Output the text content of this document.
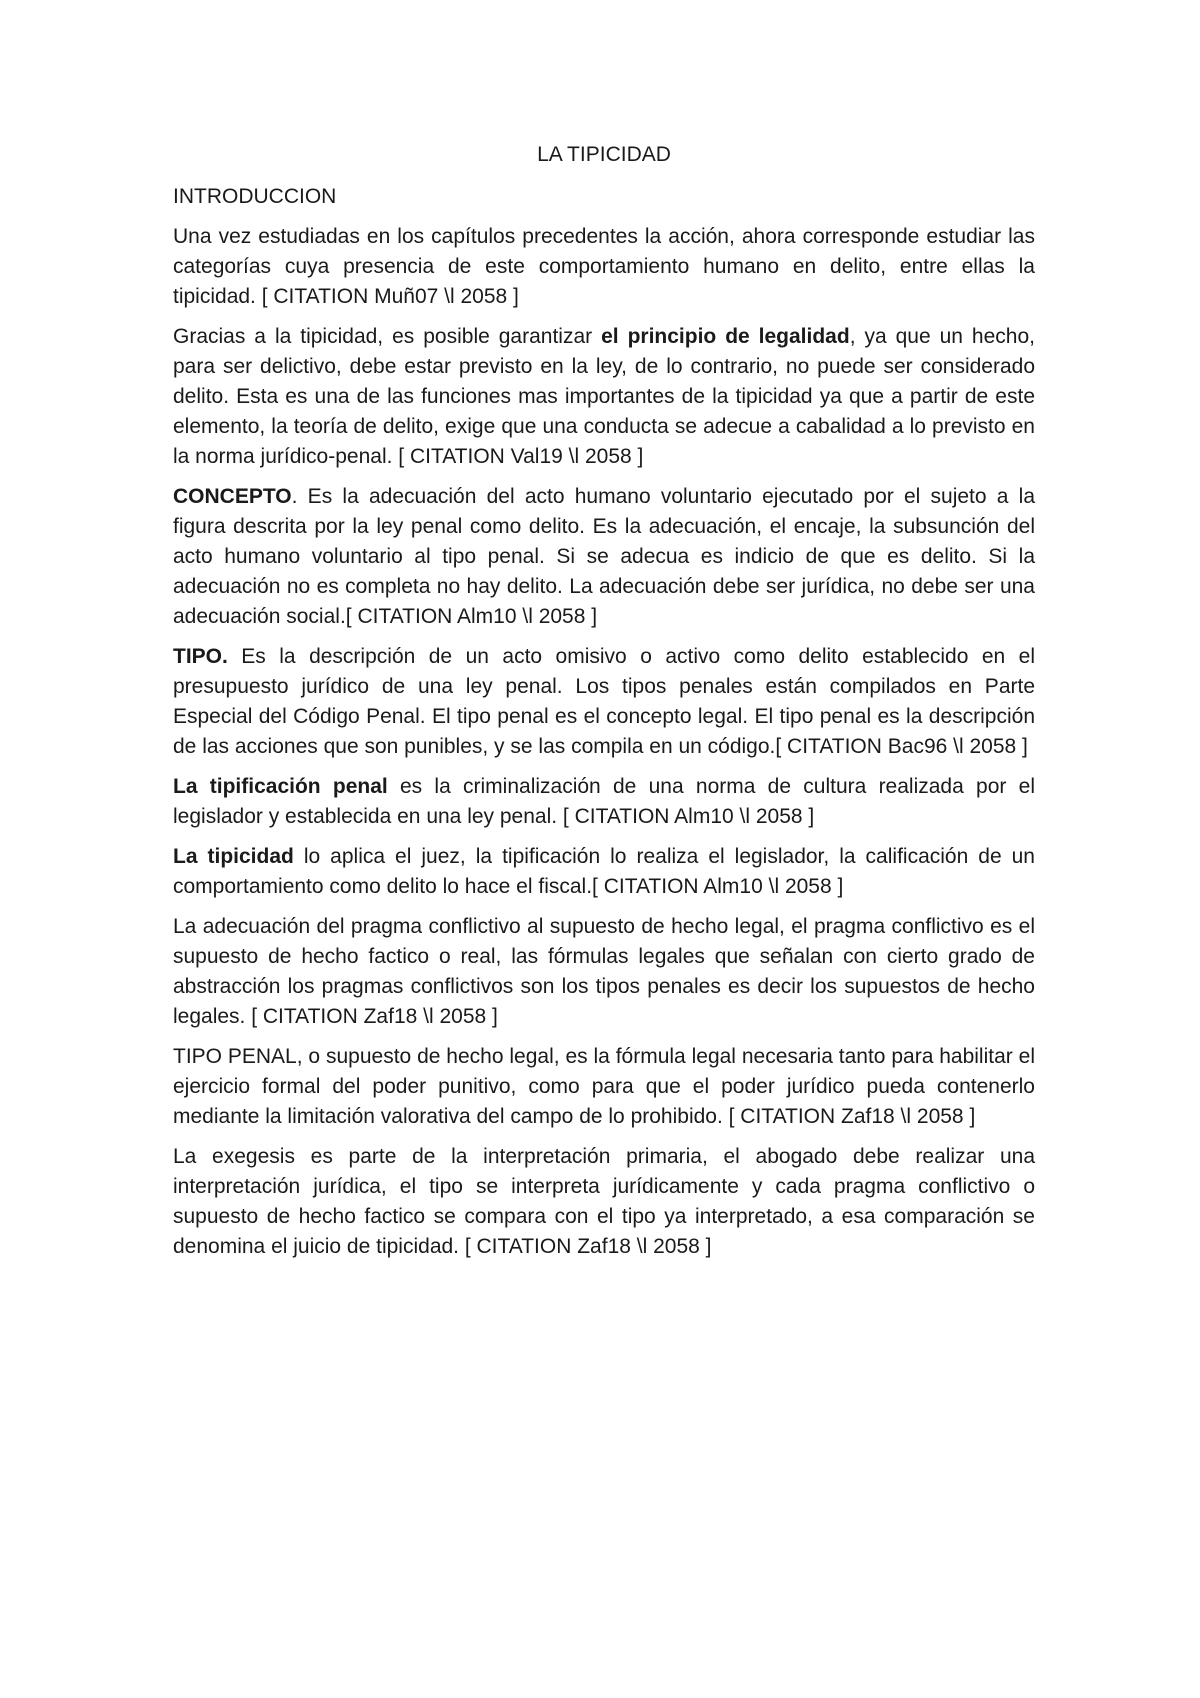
LA TIPICIDAD
INTRODUCCION

Una vez estudiadas en los capítulos precedentes la acción, ahora corresponde estudiar las categorías cuya presencia de este comportamiento humano en delito, entre ellas la tipicidad. [ CITATION Muñ07 \l 2058 ]

Gracias a la tipicidad, es posible garantizar el principio de legalidad, ya que un hecho, para ser delictivo, debe estar previsto en la ley, de lo contrario, no puede ser considerado delito. Esta es una de las funciones mas importantes de la tipicidad ya que a partir de este elemento, la teoría de delito, exige que una conducta se adecue a cabalidad a lo previsto en la norma jurídico-penal. [ CITATION Val19 \l 2058 ]

CONCEPTO. Es la adecuación del acto humano voluntario ejecutado por el sujeto a la figura descrita por la ley penal como delito. Es la adecuación, el encaje, la subsunción del acto humano voluntario al tipo penal. Si se adecua es indicio de que es delito. Si la adecuación no es completa no hay delito. La adecuación debe ser jurídica, no debe ser una adecuación social.[ CITATION Alm10 \l 2058 ]

TIPO. Es la descripción de un acto omisivo o activo como delito establecido en el presupuesto jurídico de una ley penal. Los tipos penales están compilados en Parte Especial del Código Penal. El tipo penal es el concepto legal. El tipo penal es la descripción de las acciones que son punibles, y se las compila en un código.[ CITATION Bac96 \l 2058 ]

La tipificación penal es la criminalización de una norma de cultura realizada por el legislador y establecida en una ley penal. [ CITATION Alm10 \l 2058 ]

La tipicidad lo aplica el juez, la tipificación lo realiza el legislador, la calificación de un comportamiento como delito lo hace el fiscal.[ CITATION Alm10 \l 2058 ]

La adecuación del pragma conflictivo al supuesto de hecho legal, el pragma conflictivo es el supuesto de hecho factico o real, las fórmulas legales que señalan con cierto grado de abstracción los pragmas conflictivos son los tipos penales es decir los supuestos de hecho legales. [ CITATION Zaf18 \l 2058 ]

TIPO PENAL, o supuesto de hecho legal, es la fórmula legal necesaria tanto para habilitar el ejercicio formal del poder punitivo, como para que el poder jurídico pueda contenerlo mediante la limitación valorativa del campo de lo prohibido. [ CITATION Zaf18 \l 2058 ]

La exegesis es parte de la interpretación primaria, el abogado debe realizar una interpretación jurídica, el tipo se interpreta jurídicamente y cada pragma conflictivo o supuesto de hecho factico se compara con el tipo ya interpretado, a esa comparación se denomina el juicio de tipicidad. [ CITATION Zaf18 \l 2058 ]
